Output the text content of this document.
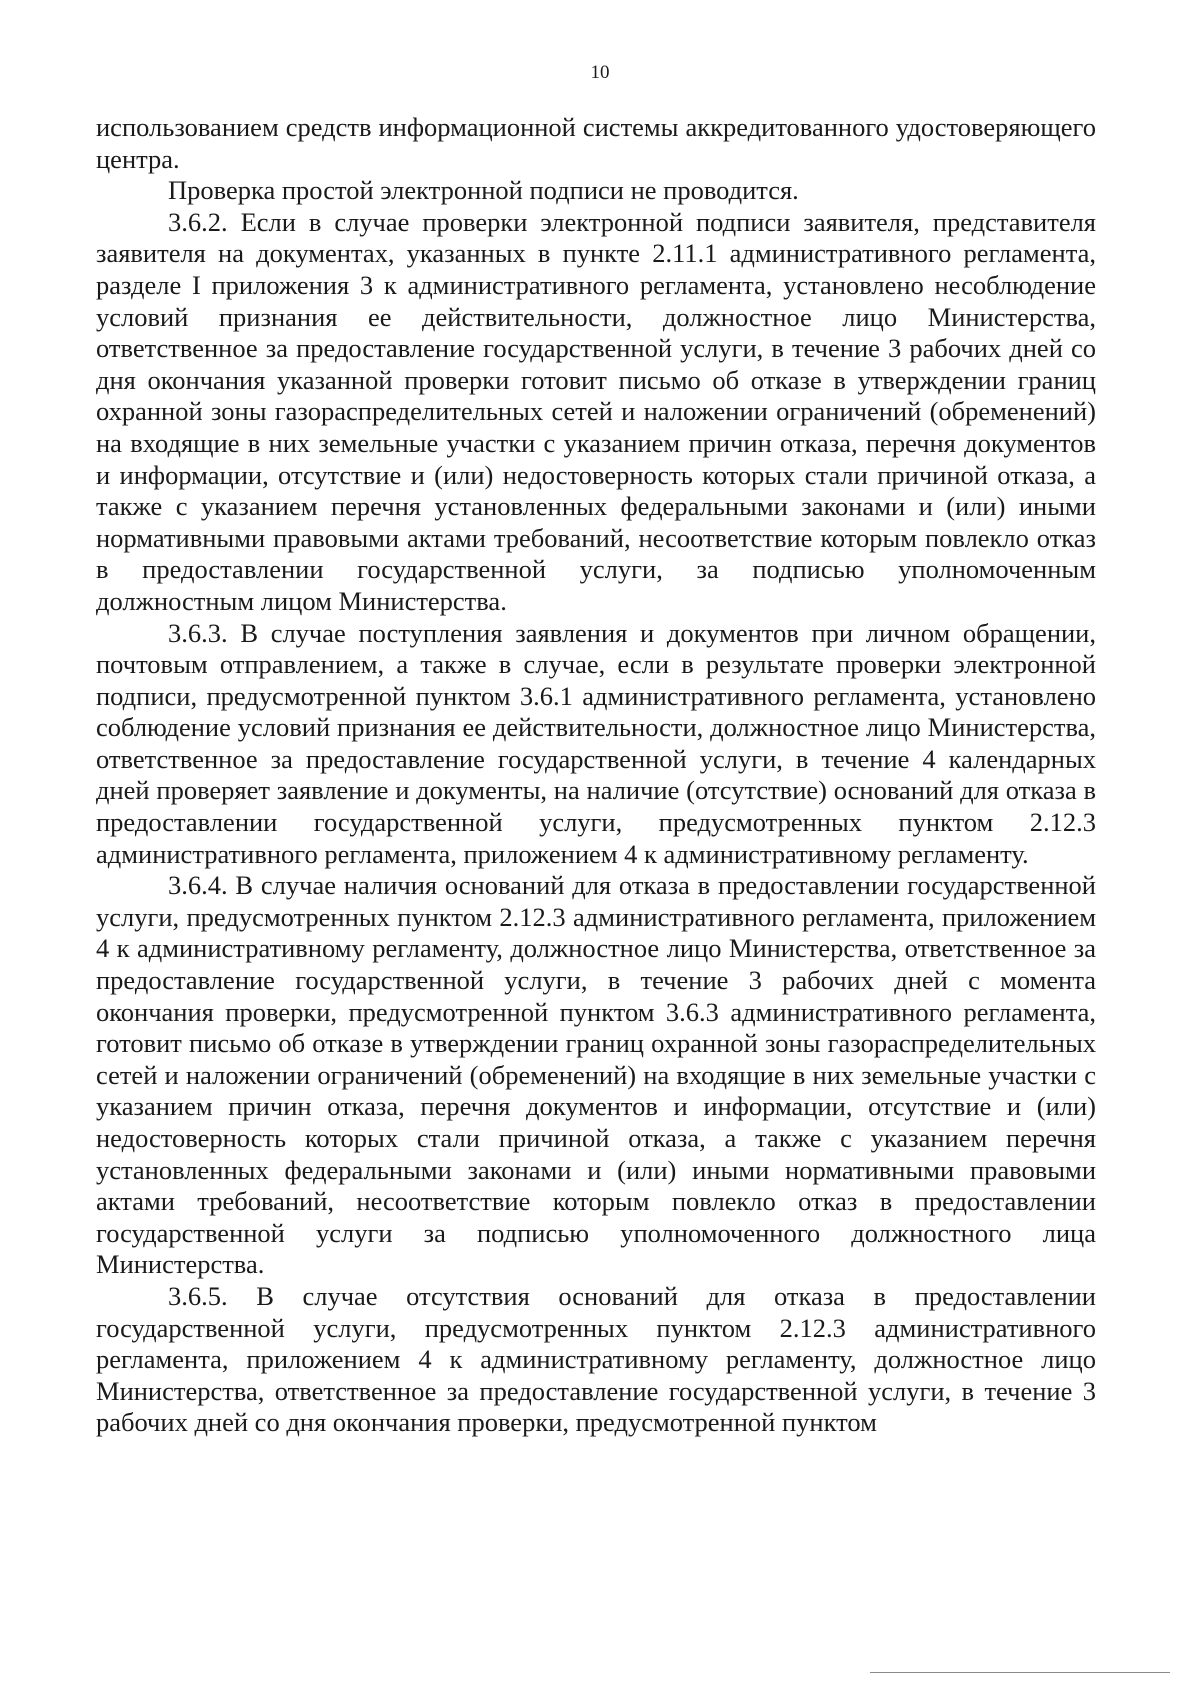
10

использованием средств информационной системы аккредитованного удостоверяющего центра.

Проверка простой электронной подписи не проводится.

3.6.2. Если в случае проверки электронной подписи заявителя, представителя заявителя на документах, указанных в пункте 2.11.1 административного регламента, разделе I приложения 3 к административного регламента, установлено несоблюдение условий признания ее действительности, должностное лицо Министерства, ответственное за предоставление государственной услуги, в течение 3 рабочих дней со дня окончания указанной проверки готовит письмо об отказе в утверждении границ охранной зоны газораспределительных сетей и наложении ограничений (обременений) на входящие в них земельные участки с указанием причин отказа, перечня документов и информации, отсутствие и (или) недостоверность которых стали причиной отказа, а также с указанием перечня установленных федеральными законами и (или) иными нормативными правовыми актами требований, несоответствие которым повлекло отказ в предоставлении государственной услуги, за подписью уполномоченным должностным лицом Министерства.

3.6.3. В случае поступления заявления и документов при личном обращении, почтовым отправлением, а также в случае, если в результате проверки электронной подписи, предусмотренной пунктом 3.6.1 административного регламента, установлено соблюдение условий признания ее действительности, должностное лицо Министерства, ответственное за предоставление государственной услуги, в течение 4 календарных дней проверяет заявление и документы, на наличие (отсутствие) оснований для отказа в предоставлении государственной услуги, предусмотренных пунктом 2.12.3 административного регламента, приложением 4 к административному регламенту.

3.6.4. В случае наличия оснований для отказа в предоставлении государственной услуги, предусмотренных пунктом 2.12.3 административного регламента, приложением 4 к административному регламенту, должностное лицо Министерства, ответственное за предоставление государственной услуги, в течение 3 рабочих дней с момента окончания проверки, предусмотренной пунктом 3.6.3 административного регламента, готовит письмо об отказе в утверждении границ охранной зоны газораспределительных сетей и наложении ограничений (обременений) на входящие в них земельные участки с указанием причин отказа, перечня документов и информации, отсутствие и (или) недостоверность которых стали причиной отказа, а также с указанием перечня установленных федеральными законами и (или) иными нормативными правовыми актами требований, несоответствие которым повлекло отказ в предоставлении государственной услуги за подписью уполномоченного должностного лица Министерства.

3.6.5. В случае отсутствия оснований для отказа в предоставлении государственной услуги, предусмотренных пунктом 2.12.3 административного регламента, приложением 4 к административному регламенту, должностное лицо Министерства, ответственное за предоставление государственной услуги, в течение 3 рабочих дней со дня окончания проверки, предусмотренной пунктом
